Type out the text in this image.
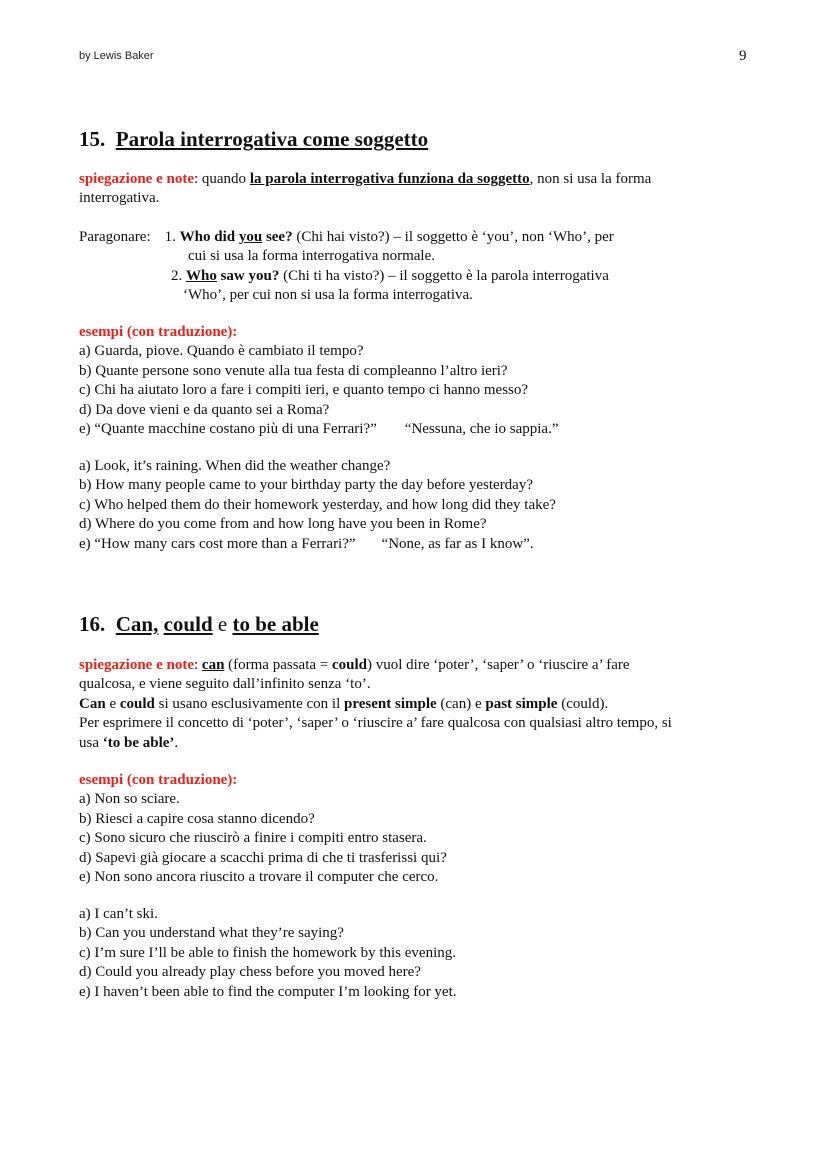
by Lewis Baker	9
15. Parola interrogativa come soggetto
spiegazione e note: quando la parola interrogativa funziona da soggetto, non si usa la forma
interrogativa.
Paragonare: 1. Who did you see? (Chi hai visto?) – il soggetto è ‘you’, non ‘Who’, per
cui si usa la forma interrogativa normale.
2. Who saw you? (Chi ti ha visto?) – il soggetto è la parola interrogativa
‘Who’, per cui non si usa la forma interrogativa.
esempi (con traduzione):
a) Guarda, piove. Quando è cambiato il tempo?
b) Quante persone sono venute alla tua festa di compleanno l’altro ieri?
c) Chi ha aiutato loro a fare i compiti ieri, e quanto tempo ci hanno messo?
d) Da dove vieni e da quanto sei a Roma?
e) “Quante macchine costano più di una Ferrari?” “Nessuna, che io sappia.”
a) Look, it’s raining. When did the weather change?
b) How many people came to your birthday party the day before yesterday?
c) Who helped them do their homework yesterday, and how long did they take?
d) Where do you come from and how long have you been in Rome?
e) “How many cars cost more than a Ferrari?” “None, as far as I know”.
16. Can, could e to be able
spiegazione e note: can (forma passata = could) vuol dire ‘poter’, ‘saper’ o ‘riuscire a’ fare
qualcosa, e viene seguito dall’infinito senza ‘to’.
Can e could si usano esclusivamente con il present simple (can) e past simple (could).
Per esprimere il concetto di ‘poter’, ‘saper’ o ‘riuscire a’ fare qualcosa con qualsiasi altro tempo, si
usa ‘to be able’.
esempi (con traduzione):
a) Non so sciare.
b) Riesci a capire cosa stanno dicendo?
c) Sono sicuro che riuscirò a finire i compiti entro stasera.
d) Sapevi già giocare a scacchi prima di che ti trasferissi qui?
e) Non sono ancora riuscito a trovare il computer che cerco.
a) I can’t ski.
b) Can you understand what they’re saying?
c) I’m sure I’ll be able to finish the homework by this evening.
d) Could you already play chess before you moved here?
e) I haven’t been able to find the computer I’m looking for yet.
